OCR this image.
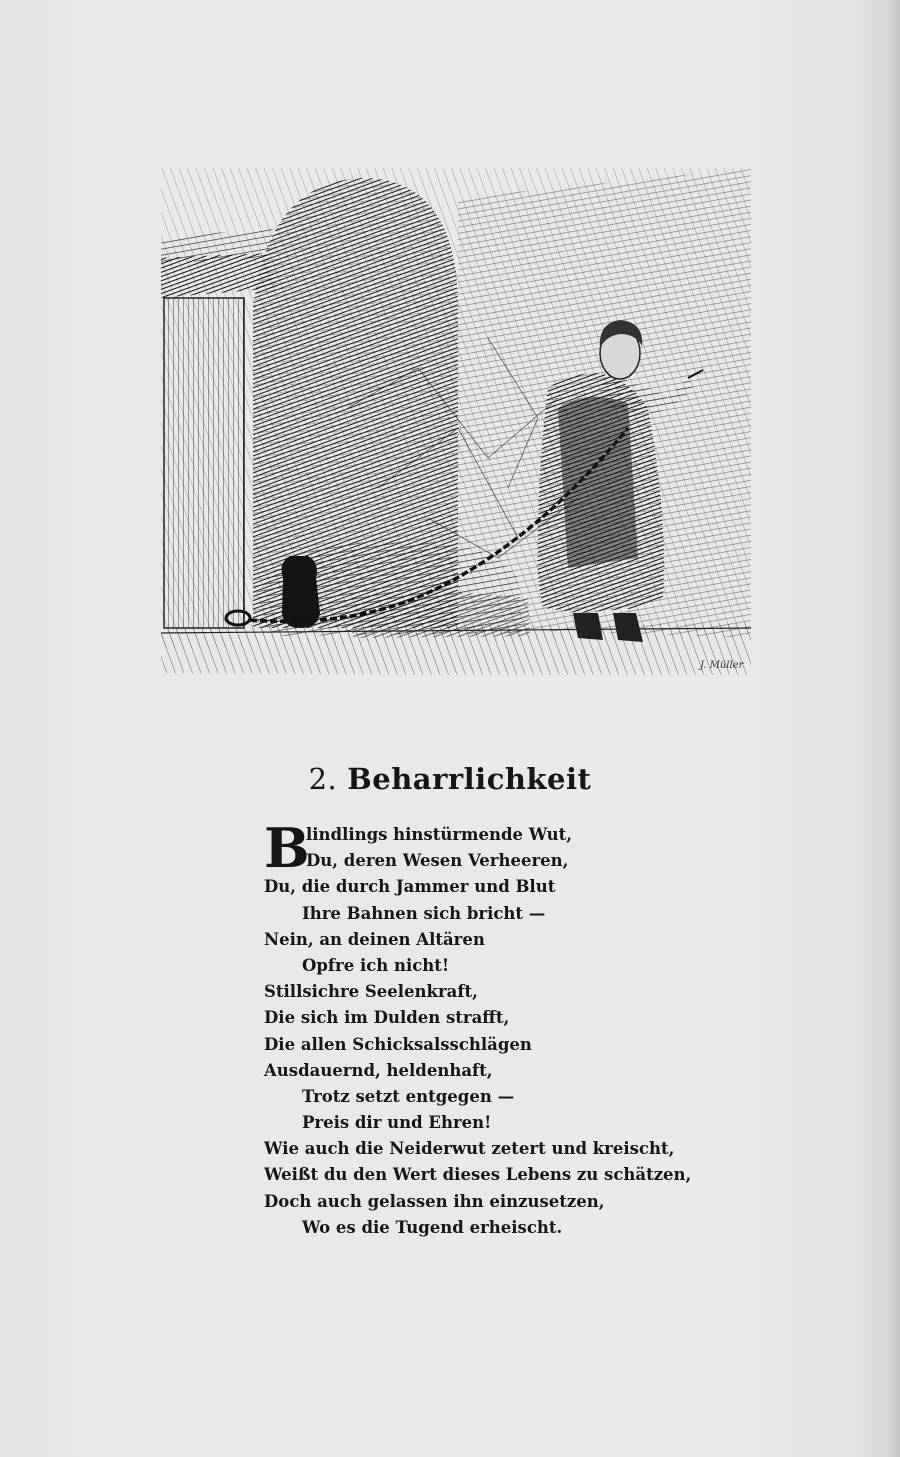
J. Müller
2. Beharrlichkeit
B
lindlings hinstürmende Wut,
Du, deren Wesen Verheeren,
Du, die durch Jammer und Blut
Ihre Bahnen sich bricht —
Nein, an deinen Altären
Opfre ich nicht!
Stillsichre Seelenkraft,
Die sich im Dulden strafft,
Die allen Schicksalsschlägen
Ausdauernd, heldenhaft,
Trotz setzt entgegen —
Preis dir und Ehren!
Wie auch die Neiderwut zetert und kreischt,
Weißt du den Wert dieses Lebens zu schätzen,
Doch auch gelassen ihn einzusetzen,
Wo es die Tugend erheischt.
